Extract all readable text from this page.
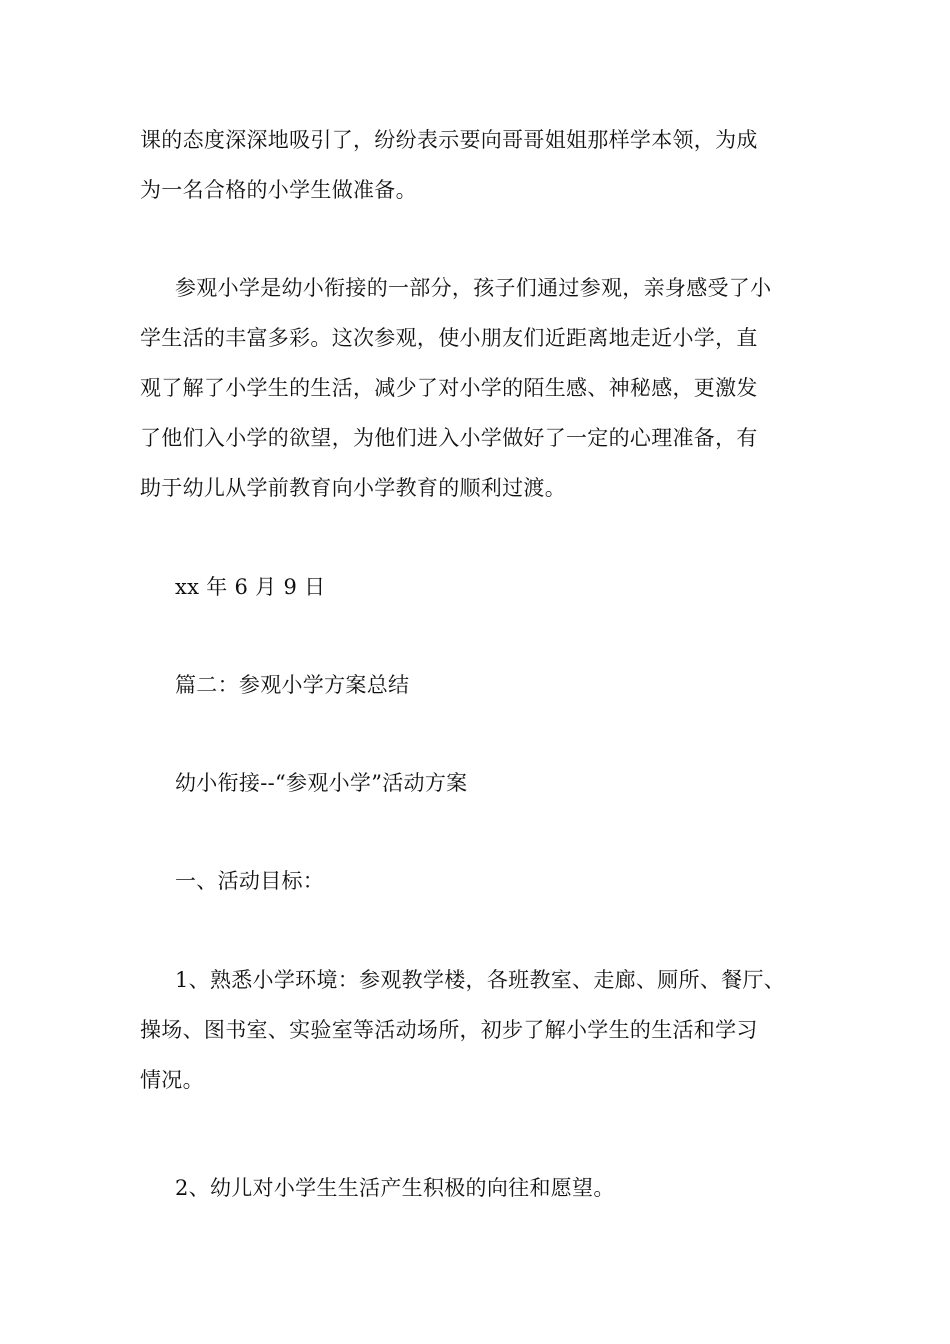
课的态度深深地吸引了，纷纷表示要向哥哥姐姐那样学本领，为成
为一名合格的小学生做准备。
参观小学是幼小衔接的一部分，孩子们通过参观，亲身感受了小
学生活的丰富多彩。这次参观，使小朋友们近距离地走近小学，直
观了解了小学生的生活，减少了对小学的陌生感、神秘感，更激发
了他们入小学的欲望，为他们进入小学做好了一定的心理准备，有
助于幼儿从学前教育向小学教育的顺利过渡。
xx 年 6 月 9 日
篇二：参观小学方案总结
幼小衔接--“参观小学”活动方案
一、活动目标：
1、熟悉小学环境：参观教学楼，各班教室、走廊、厕所、餐厅、
操场、图书室、实验室等活动场所，初步了解小学生的生活和学习
情况。
2、幼儿对小学生生活产生积极的向往和愿望。
